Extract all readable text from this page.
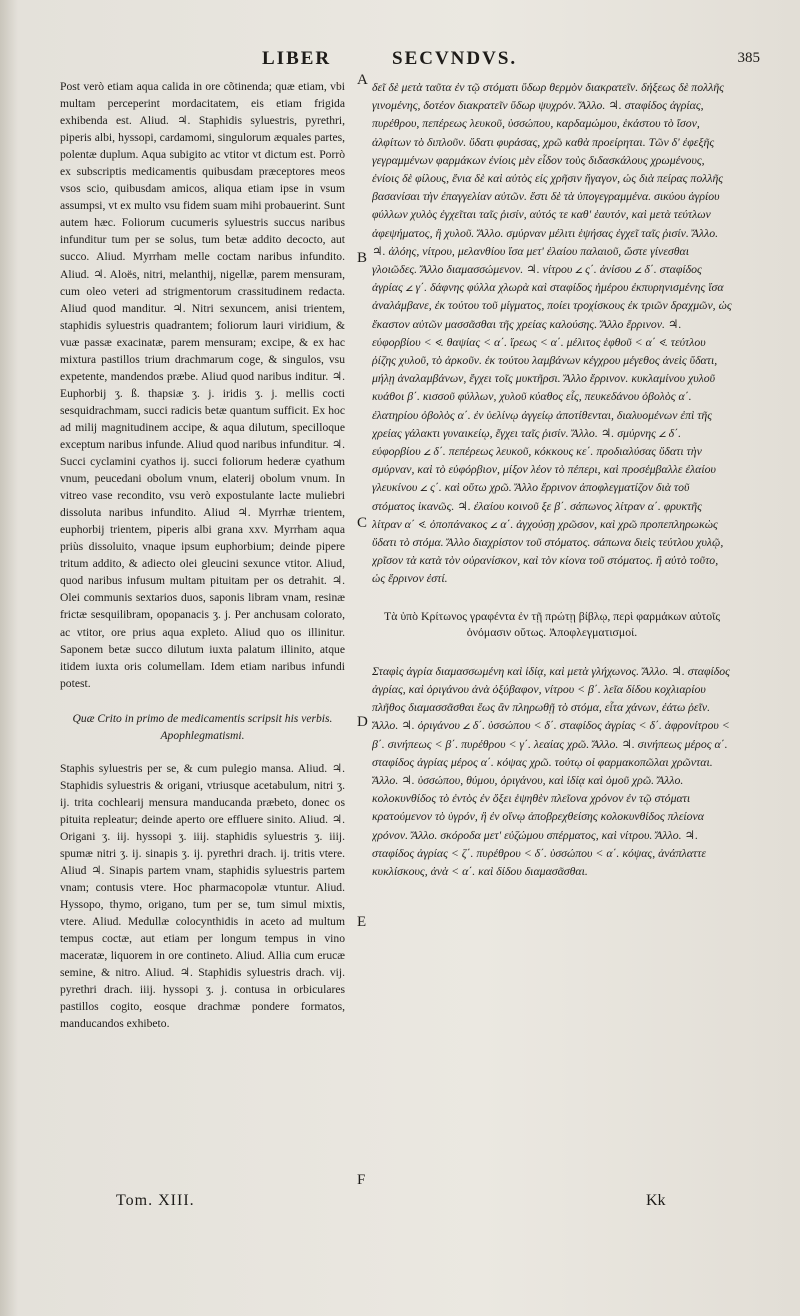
LIBER	SECVNDVS.	385

Post verò etiam aqua calida in ore cõtinenda; quæ etiam, vbi multam perceperint mordacitatem, eis etiam frigida exhibenda est. Aliud. ♃. Staphidis syluestris, pyrethri, piperis albi, hyssopi, cardamomi, singulorum æquales partes, polentæ duplum. Aqua subigito ac vtitor vt dictum est. Porrò ex subscriptis medicamentis quibusdam præceptores meos vsos scio, quibusdam amicos, aliqua etiam ipse in vsum assumpsi, vt ex multo vsu fidem suam mihi probauerint. Sunt autem hæc. Foliorum cucumeris syluestris succus naribus infunditur tum per se solus, tum betæ addito decocto, aut succo. Aliud. Myrrham melle coctam naribus infundito. Aliud. ♃. Aloës, nitri, melanthij, nigellæ, parem mensuram, cum oleo veteri ad strigmentorum crassitudinem redacta. Aliud quod manditur. ♃. Nitri sexuncem, anisi trientem, staphidis syluestris quadrantem; foliorum lauri viridium, & vuæ passæ exacinatæ, parem mensuram; excipe, & ex hac mixtura pastillos trium drachmarum coge, & singulos, vsu expetente, mandendos præbe. Aliud quod naribus inditur. ♃. Euphorbij ʒ. ß. thapsiæ ʒ. j. iridis ʒ. j. mellis cocti sesquidrachmam, succi radicis betæ quantum sufficit. Ex hoc ad milij magnitudinem accipe, & aqua dilutum, specilloque exceptum naribus infunde. Aliud quod naribus infunditur. ♃. Succi cyclamini cyathos ij. succi foliorum hederæ cyathum vnum, peucedani obolum vnum, elaterij obolum vnum. In vitreo vase recondito, vsu verò expostulante lacte muliebri dissoluta naribus infundito. Aliud ♃. Myrrhæ trientem, euphorbij trientem, piperis albi grana xxv. Myrrham aqua priùs dissoluito, vnaque ipsum euphorbium; deinde pipere tritum addito, & adiecto olei gleucini sexunce vtitor. Aliud, quod naribus infusum multam pituitam per os detrahit. ♃. Olei communis sextarios duos, saponis libram vnam, resinæ frictæ sesquilibram, opopanacis ʒ. j. Per anchusam colorato, ac vtitor, ore prius aqua expleto. Aliud quo os illinitur. Saponem betæ succo dilutum iuxta palatum illinito, atque itidem iuxta oris columellam. Idem etiam naribus infundi potest.

Quæ Crito in primo de medicamentis scripsit his verbis. Apophlegmatismi.

Staphis syluestris per se, & cum pulegio mansa. Aliud. ♃. Staphidis syluestris & origani, vtriusque acetabulum, nitri ʒ. ij. trita cochlearij mensura manducanda præbeto, donec os pituita repleatur; deinde aperto ore effluere sinito. Aliud. ♃. Origani ʒ. iij. hyssopi ʒ. iiij. staphidis syluestris ʒ. iiij. spumæ nitri ʒ. ij. sinapis ʒ. ij. pyrethri drach. ij. tritis vtere. Aliud ♃. Sinapis partem vnam, staphidis syluestris partem vnam; contusis vtere. Hoc pharmacopolæ vtuntur. Aliud. Hyssopo, thymo, origano, tum per se, tum simul mixtis, vtere. Aliud. Medullæ colocynthidis in aceto ad multum tempus coctæ, aut etiam per longum tempus in vino maceratæ, liquorem in ore contineto. Aliud. Allia cum erucæ semine, & nitro. Aliud. ♃. Staphidis syluestris drach. vij. pyrethri drach. iiij. hyssopi ʒ. j. contusa in orbiculares pastillos cogito, eosque drachmæ pondere formatos, manducandos exhibeto.

A
B
C
D
E
F

δεῖ δὲ μετὰ ταῦτα ἐν τῷ στόματι ὕδωρ θερμὸν διακρατεῖν. δήξεως δὲ πολλῆς γινομένης, δοτέον διακρατεῖν ὕδωρ ψυχρόν. Ἄλλο. ♃. σταφίδος ἀγρίας, πυρέθρου, πεπέρεως λευκοῦ, ὑσσώπου, καρδαμώμου, ἑκάστου τὸ ἴσον, ἀλφίτων τὸ διπλοῦν. ὕδατι φυράσας, χρῶ καθὰ προείρηται. Τῶν δ' ἐφεξῆς γεγραμμένων φαρμάκων ἐνίοις μὲν εἶδον τοὺς διδασκάλους χρωμένους, ἐνίοις δὲ φίλους, ἔνια δὲ καὶ αὐτὸς εἰς χρῆσιν ἤγαγον, ὡς διὰ πείρας πολλῆς βασανίσαι τὴν ἐπαγγελίαν αὐτῶν. ἔστι δὲ τὰ ὑπογεγραμμένα. σικύου ἀγρίου φύλλων χυλὸς ἐγχεῖται ταῖς ῥισίν, αὐτός τε καθ' ἑαυτόν, καὶ μετὰ τεύτλων ἀφεψήματος, ἢ χυλοῦ. Ἄλλο. σμύρναν μέλιτι ἑψήσας ἐγχεῖ ταῖς ῥισίν. Ἄλλο. ♃. ἀλόης, νίτρου, μελανθίου ἴσα μετ' ἐλαίου παλαιοῦ, ὥστε γίνεσθαι γλοιῶδες. Ἄλλο διαμασσώμενον. ♃. νίτρου 𐅵 ς΄. ἀνίσου 𐅵 δ΄. σταφίδος ἀγρίας 𐅵 γ΄. δάφνης φύλλα χλωρὰ καὶ σταφίδος ἡμέρου ἐκπυρηνισμένης ἴσα ἀναλάμβανε, ἐκ τούτου τοῦ μίγματος, ποίει τροχίσκους ἐκ τριῶν δραχμῶν, ὡς ἕκαστον αὐτῶν μασσᾶσθαι τῆς χρείας καλούσης. Ἄλλο ἔρρινον. ♃. εὐφορβίου < 𐅻. θαψίας < α΄. ἴρεως < α΄. μέλιτος ἑφθοῦ < α΄ 𐅻. τεύτλου ῥίζης χυλοῦ, τὸ ἀρκοῦν. ἐκ τούτου λαμβάνων κέγχρου μέγεθος ἀνεὶς ὕδατι, μήλῃ ἀναλαμβάνων, ἔγχει τοῖς μυκτῆρσι. Ἄλλο ἔρρινον. κυκλαμίνου χυλοῦ κυάθοι β΄. κισσοῦ φύλλων, χυλοῦ κύαθος εἷς, πευκεδάνου ὀβολὸς α΄. ἐλατηρίου ὀβολὸς α΄. ἐν ὑελίνῳ ἀγγείῳ ἀποτίθενται, διαλυομένων ἐπὶ τῆς χρείας γάλακτι γυναικείῳ, ἔγχει ταῖς ῥισίν. Ἄλλο. ♃. σμύρνης 𐅵 δ΄. εὐφορβίου 𐅵 δ΄. πεπέρεως λευκοῦ, κόκκους κε΄. προδιαλύσας ὕδατι τὴν σμύρναν, καὶ τὸ εὐφόρβιον, μίξον λέον τὸ πέπερι, καὶ προσέμβαλλε ἐλαίου γλευκίνου 𐅵 ς΄. καὶ οὕτω χρῶ. Ἄλλο ἔρρινον ἀποφλεγματίζον διὰ τοῦ στόματος ἱκανῶς. ♃. ἐλαίου κοινοῦ ξε β΄. σάπωνος λίτραν α΄. φρυκτῆς λίτραν α΄ 𐅻. ὀποπάνακος 𐅵 α΄. ἀγχούσῃ χρῶσον, καὶ χρῶ προπεπληρωκὼς ὕδατι τὸ στόμα. Ἄλλο διαχρίστον τοῦ στόματος. σάπωνα διεὶς τεύτλου χυλῷ, χρῖσον τὰ κατὰ τὸν οὐρανίσκον, καὶ τὸν κίονα τοῦ στόματος. ἢ αὐτὸ τοῦτο, ὡς ἔρρινον ἐστί.

Τὰ ὑπὸ Κρίτωνος γραφέντα ἐν τῇ πρώτῃ βίβλῳ, περὶ φαρμάκων αὐτοῖς ὀνόμασιν οὕτως. Ἀποφλεγματισμοί.

Σταφὶς ἀγρία διαμασσωμένη καὶ ἰδίᾳ, καὶ μετὰ γλήχωνος. Ἄλλο. ♃. σταφίδος ἀγρίας, καὶ ὀριγάνου ἀνὰ ὀξύβαφον, νίτρου < β΄. λεῖα δίδου κοχλιαρίου πλῆθος διαμασσᾶσθαι ἕως ἂν πληρωθῇ τὸ στόμα, εἶτα χάνων, ἐάτω ῥεῖν. Ἄλλο. ♃. ὀριγάνου 𐅵 δ΄. ὑσσώπου < δ΄. σταφίδος ἀγρίας < δ΄. ἀφρονίτρου < β΄. σινήπεως < β΄. πυρέθρου < γ΄. λεαίας χρῶ. Ἄλλο. ♃. σινήπεως μέρος α΄. σταφίδος ἀγρίας μέρος α΄. κόψας χρῶ. τούτῳ οἱ φαρμακοπῶλαι χρῶνται. Ἄλλο. ♃. ὑσσώπου, θύμου, ὀριγάνου, καὶ ἰδίᾳ καὶ ὁμοῦ χρῶ. Ἄλλο. κολοκυνθίδος τὸ ἐντὸς ἐν ὄξει ἑψηθὲν πλεῖονα χρόνον ἐν τῷ στόματι κρατούμενον τὸ ὑγρόν, ἢ ἐν οἴνῳ ἀποβρεχθείσης κολοκυνθίδος πλείονα χρόνον. Ἄλλο. σκόροδα μετ' εὐζώμου σπέρματος, καὶ νίτρου. Ἄλλο. ♃. σταφίδος ἀγρίας < ζ΄. πυρέθρου < δ΄. ὑσσώπου < α΄. κόψας, ἀνάπλαττε κυκλίσκους, ἀνὰ < α΄. καὶ δίδου διαμασᾶσθαι.

Tom. XIII.	Kk
